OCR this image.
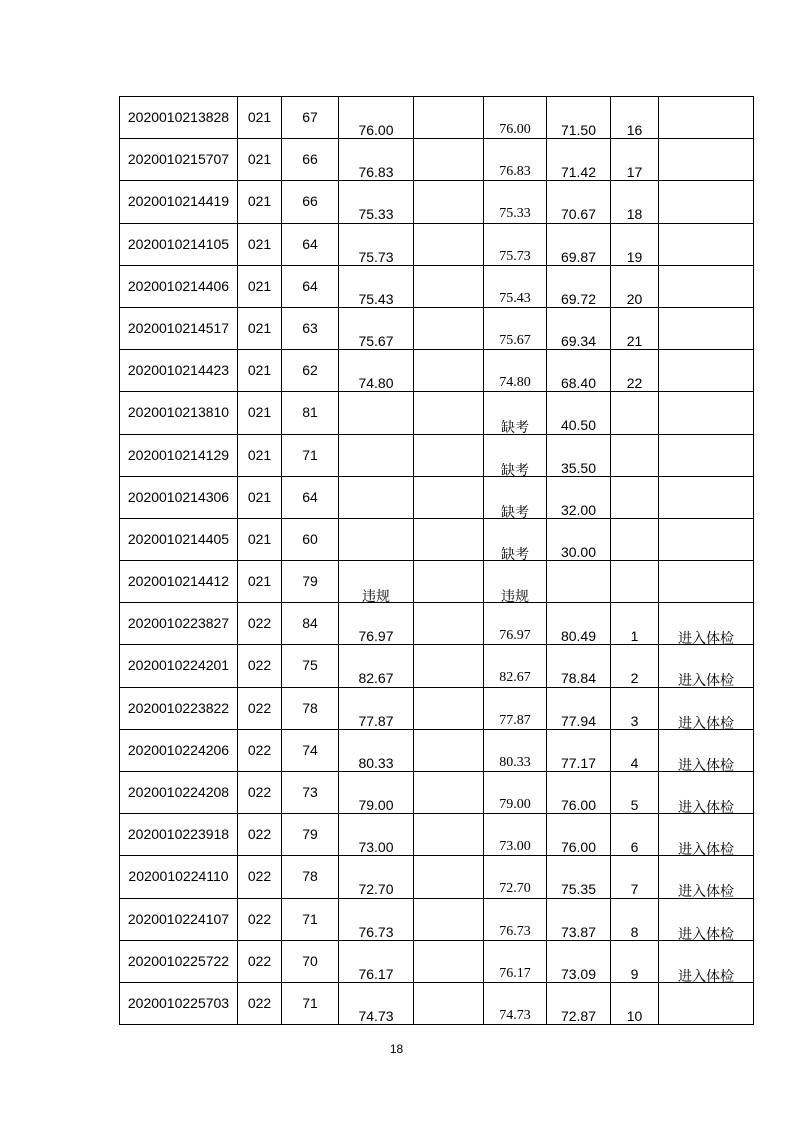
2020010213828	021	67	76.00		76.00	71.50	16	

2020010215707	021	66	76.83		76.83	71.42	17	

2020010214419	021	66	75.33		75.33	70.67	18	

2020010214105	021	64	75.73		75.73	69.87	19	

2020010214406	021	64	75.43		75.43	69.72	20	

2020010214517	021	63	75.67		75.67	69.34	21	

2020010214423	021	62	74.80		74.80	68.40	22	

2020010213810	021	81			缺考	40.50		

2020010214129	021	71			缺考	35.50		

2020010214306	021	64			缺考	32.00		

2020010214405	021	60			缺考	30.00		

2020010214412	021	79	违规		违规			

2020010223827	022	84	76.97		76.97	80.49	1	进入体检

2020010224201	022	75	82.67		82.67	78.84	2	进入体检

2020010223822	022	78	77.87		77.87	77.94	3	进入体检

2020010224206	022	74	80.33		80.33	77.17	4	进入体检

2020010224208	022	73	79.00		79.00	76.00	5	进入体检

2020010223918	022	79	73.00		73.00	76.00	6	进入体检

2020010224110	022	78	72.70		72.70	75.35	7	进入体检

2020010224107	022	71	76.73		76.73	73.87	8	进入体检

2020010225722	022	70	76.17		76.17	73.09	9	进入体检

2020010225703	022	71	74.73		74.73	72.87	10	

18
